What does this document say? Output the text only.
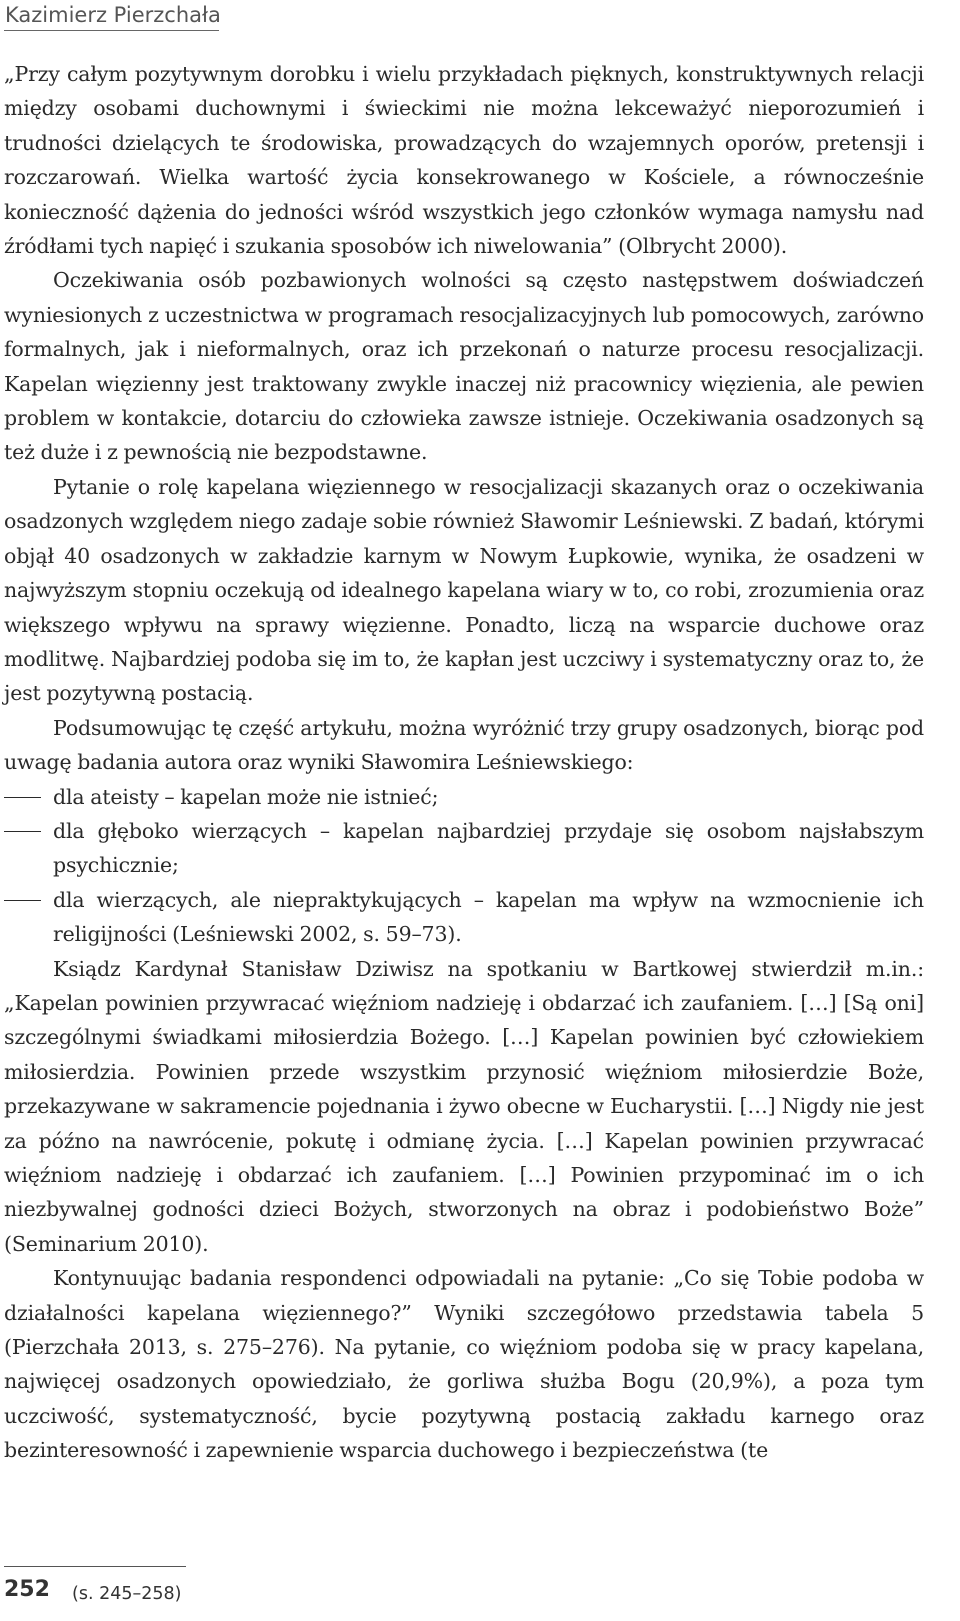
Kazimierz Pierzchała

„Przy całym pozytywnym dorobku i wielu przykładach pięknych, konstruktywnych relacji między osobami duchownymi i świeckimi nie można lekceważyć nieporozumień i trudności dzielących te środowiska, prowadzących do wzajemnych oporów, pretensji i rozczarowań. Wielka wartość życia konsekrowanego w Kościele, a równocześnie konieczność dążenia do jedności wśród wszystkich jego członków wymaga namysłu nad źródłami tych napięć i szukania sposobów ich niwelowania” (Olbrycht 2000).

Oczekiwania osób pozbawionych wolności są często następstwem doświadczeń wyniesionych z uczestnictwa w programach resocjalizacyjnych lub pomocowych, zarówno formalnych, jak i nieformalnych, oraz ich przekonań o naturze procesu resocjalizacji. Kapelan więzienny jest traktowany zwykle inaczej niż pracownicy więzienia, ale pewien problem w kontakcie, dotarciu do człowieka zawsze istnieje. Oczekiwania osadzonych są też duże i z pewnością nie bezpodstawne.

Pytanie o rolę kapelana więziennego w resocjalizacji skazanych oraz o oczekiwania osadzonych względem niego zadaje sobie również Sławomir Leśniewski. Z badań, którymi objął 40 osadzonych w zakładzie karnym w Nowym Łupkowie, wynika, że osadzeni w najwyższym stopniu oczekują od idealnego kapelana wiary w to, co robi, zrozumienia oraz większego wpływu na sprawy więzienne. Ponadto, liczą na wsparcie duchowe oraz modlitwę. Najbardziej podoba się im to, że kapłan jest uczciwy i systematyczny oraz to, że jest pozytywną postacią.

Podsumowując tę część artykułu, można wyróżnić trzy grupy osadzonych, biorąc pod uwagę badania autora oraz wyniki Sławomira Leśniewskiego:

dla ateisty – kapelan może nie istnieć;
dla głęboko wierzących – kapelan najbardziej przydaje się osobom najsłabszym psychicznie;
dla wierzących, ale niepraktykujących – kapelan ma wpływ na wzmocnienie ich religijności (Leśniewski 2002, s. 59–73).

Ksiądz Kardynał Stanisław Dziwisz na spotkaniu w Bartkowej stwierdził m.in.: „Kapelan powinien przywracać więźniom nadzieję i obdarzać ich zaufaniem. […] [Są oni] szczególnymi świadkami miłosierdzia Bożego. […] Kapelan powinien być człowiekiem miłosierdzia. Powinien przede wszystkim przynosić więźniom miłosierdzie Boże, przekazywane w sakramencie pojednania i żywo obecne w Eucharystii. […] Nigdy nie jest za późno na nawrócenie, pokutę i odmianę życia. […] Kapelan powinien przywracać więźniom nadzieję i obdarzać ich zaufaniem. […] Powinien przypominać im o ich niezbywalnej godności dzieci Bożych, stworzonych na obraz i podobieństwo Boże” (Seminarium 2010).

Kontynuując badania respondenci odpowiadali na pytanie: „Co się Tobie podoba w działalności kapelana więziennego?” Wyniki szczegółowo przedstawia tabela 5 (Pierzchała 2013, s. 275–276). Na pytanie, co więźniom podoba się w pracy kapelana, najwięcej osadzonych opowiedziało, że gorliwa służba Bogu (20,9%), a poza tym uczciwość, systematyczność, bycie pozytywną postacią zakładu karnego oraz bezinteresowność i zapewnienie wsparcia duchowego i bezpieczeństwa (te

252 (s. 245–258)
